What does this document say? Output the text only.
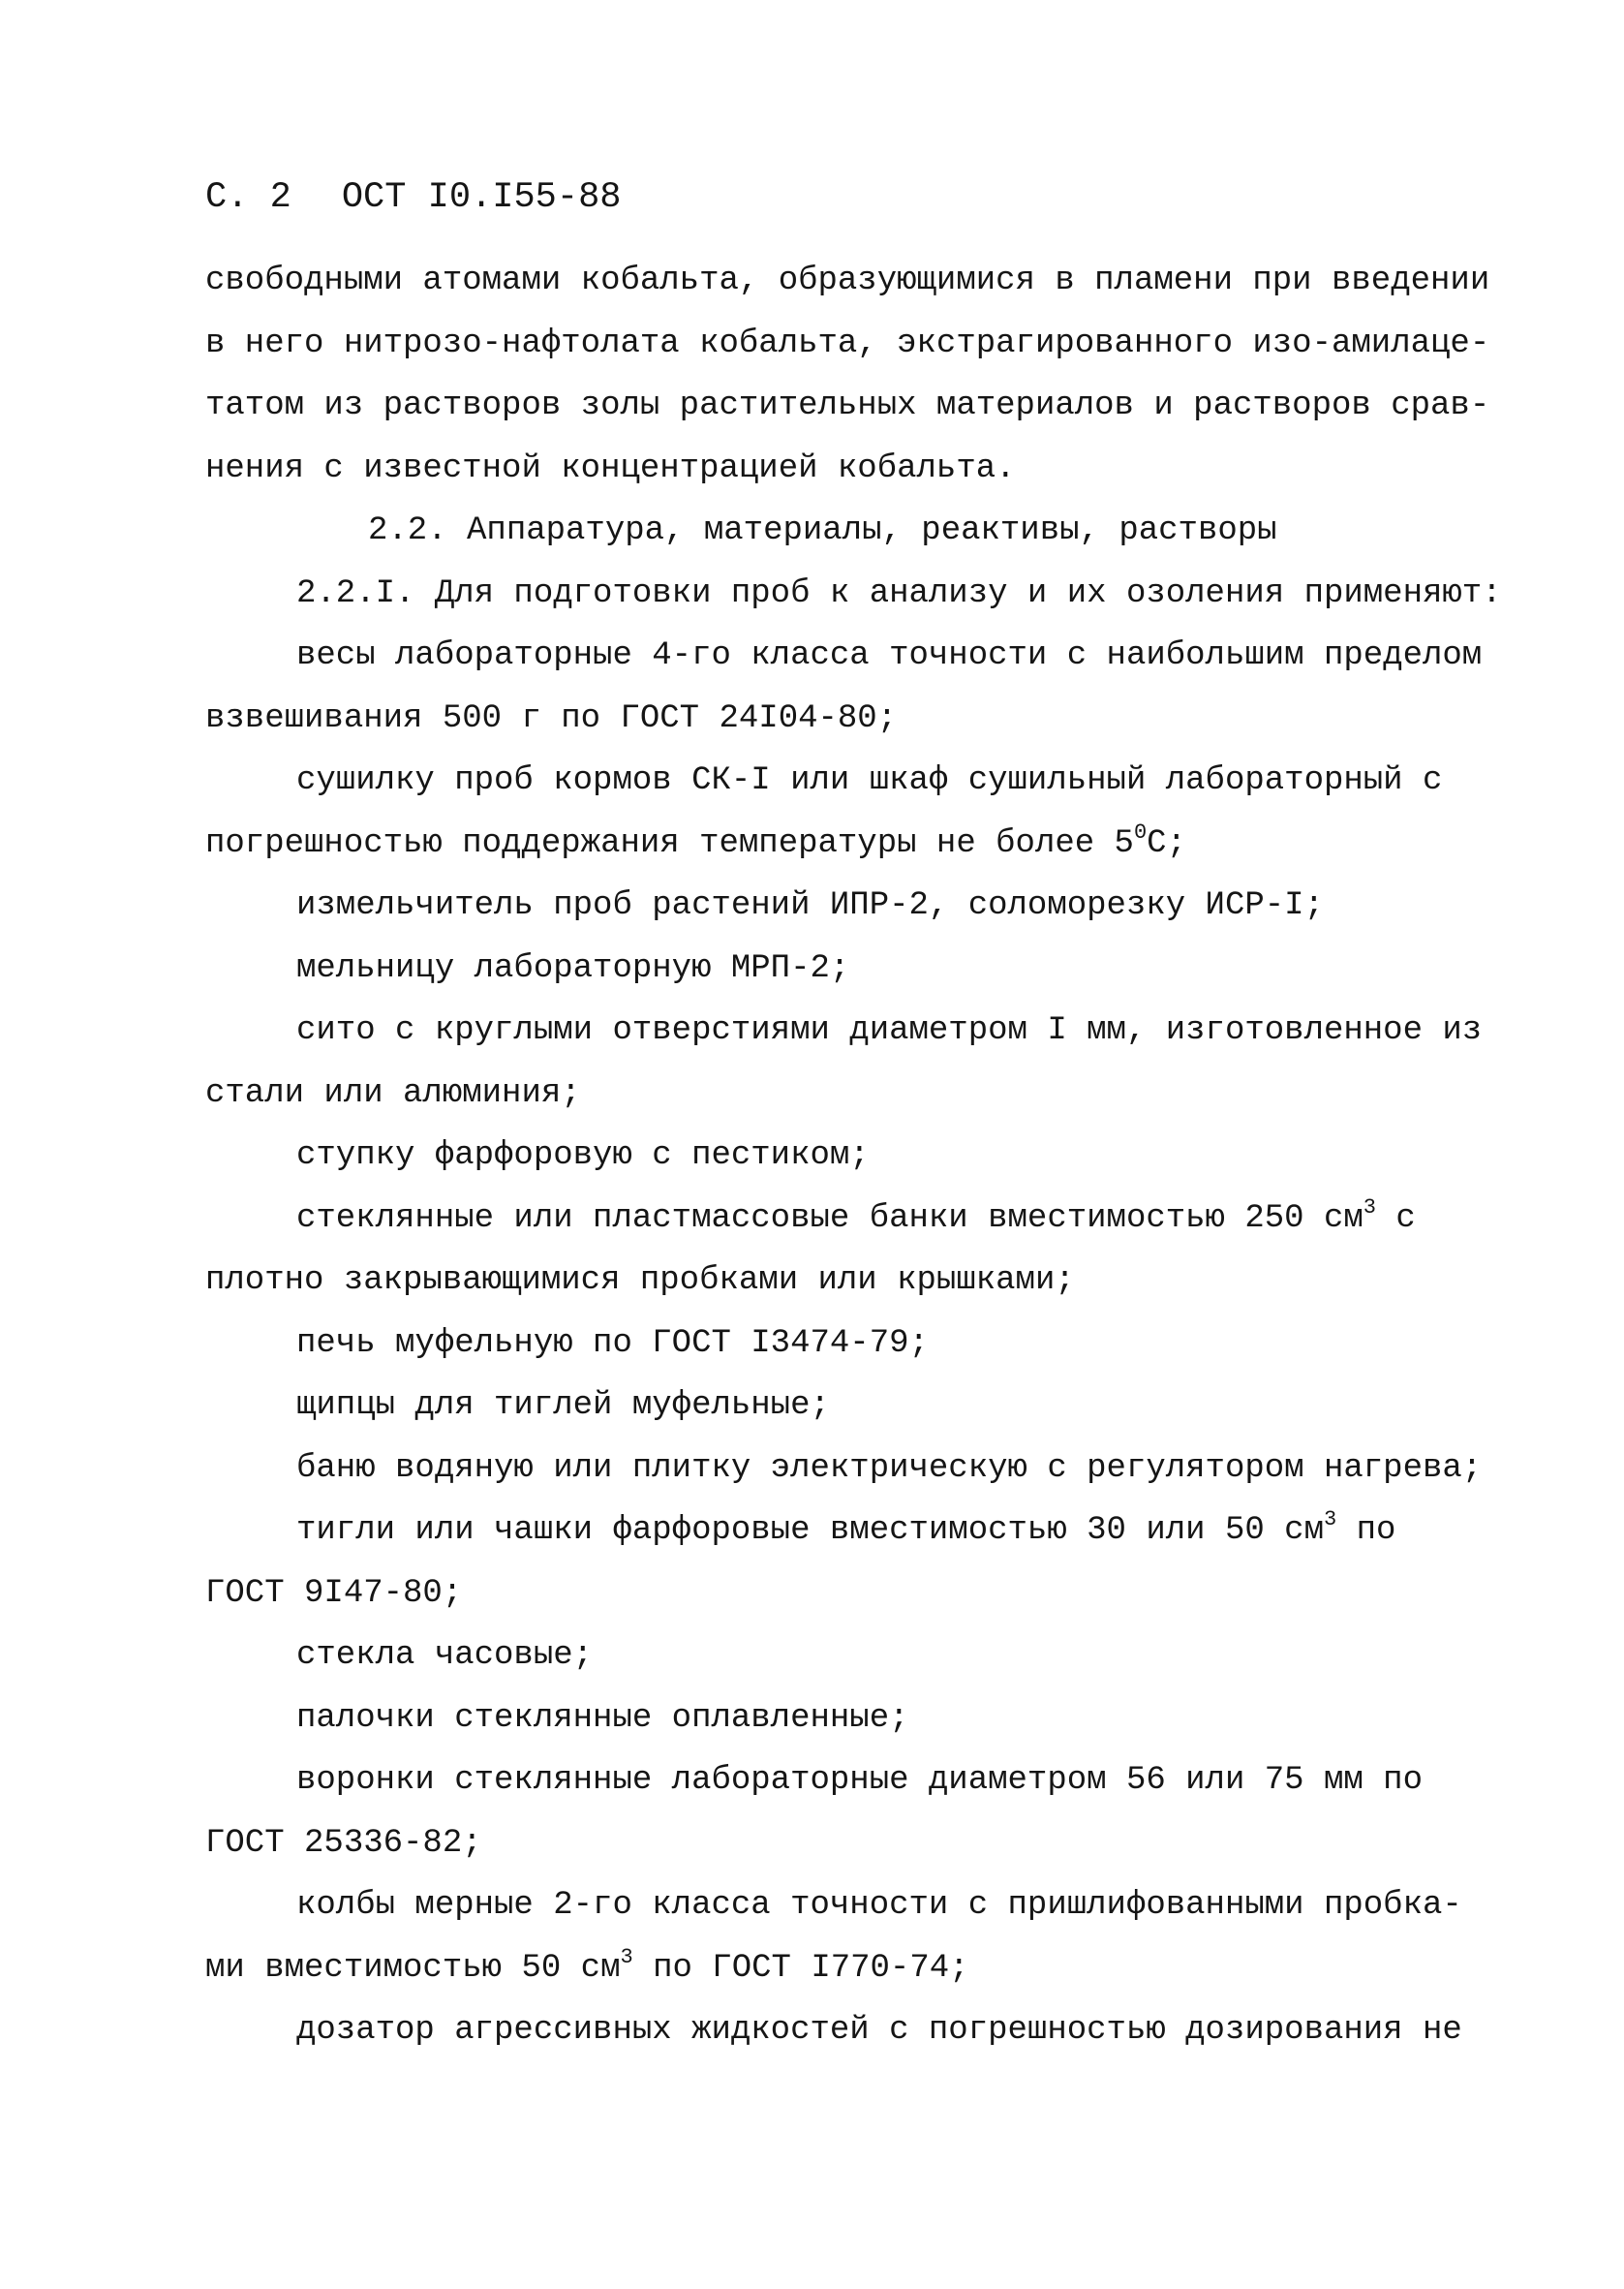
С. 2 ОСТ I0.I55-88
свободными атомами кобальта, образующимися в пламени при введении
в него нитрозо-нафтолата кобальта, экстрагированного изо-амилаце-
татом из растворов золы растительных материалов и растворов срав-
нения с известной концентрацией кобальта.
2.2. Аппаратура, материалы, реактивы, растворы
2.2.I. Для подготовки проб к анализу и их озоления применяют:
весы лабораторные 4-го класса точности с наибольшим пределом
взвешивания 500 г по ГОСТ 24I04-80;
сушилку проб кормов СК-I или шкаф сушильный лабораторный с
погрешностью поддержания температуры не более $5^0С$;
измельчитель проб растений ИПР-2, соломорезку ИСР-I;
мельницу лабораторную МРП-2;
сито с круглыми отверстиями диаметром I мм, изготовленное из
стали или алюминия;
ступку фарфоровую с пестиком;
стеклянные или пластмассовые банки вместимостью 250 $см^3$ с
плотно закрывающимися пробками или крышками;
печь муфельную по ГОСТ I3474-79;
щипцы для тиглей муфельные;
баню водяную или плитку электрическую с регулятором нагрева;
тигли или чашки фарфоровые вместимостью 30 или 50 $см^3$ по
ГОСТ 9I47-80;
стекла часовые;
палочки стеклянные оплавленные;
воронки стеклянные лабораторные диаметром 56 или 75 мм по
ГОСТ 25336-82;
колбы мерные 2-го класса точности с пришлифованными пробка-
ми вместимостью 50 $см^3$ по ГОСТ I770-74;
дозатор агрессивных жидкостей с погрешностью дозирования не
